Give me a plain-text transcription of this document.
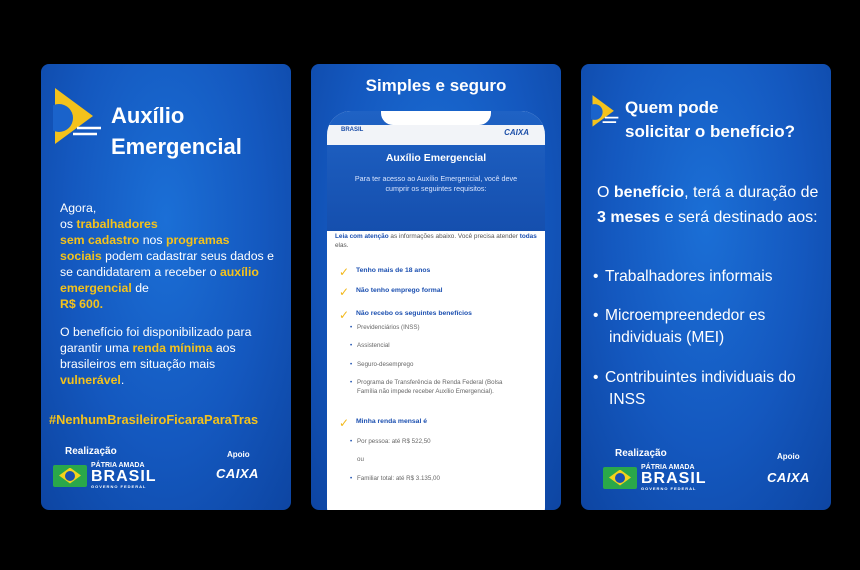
Auxílio
Emergencial

Agora,
os trabalhadores
sem cadastro nos programas
sociais podem cadastrar seus dados e se candidatarem a receber o auxílio emergencial de
R$ 600.

O benefício foi disponibilizado para garantir uma renda mínima aos brasileiros em situação mais vulnerável.

#NenhumBrasileiroFicaraParaTras
Realização
PÁTRIA AMADA
BRASIL
GOVERNO FEDERAL
Apoio
CAIXA
Simples e seguro
BRASIL	CAIXA
Auxílio Emergencial
Para ter acesso ao Auxílio Emergencial, você deve cumprir os seguintes requisitos:
Leia com atenção as informações abaixo. Você precisa atender todas elas.
✓ Tenho mais de 18 anos
✓ Não tenho emprego formal
✓ Não recebo os seguintes benefícios
• Previdenciários (INSS)
• Assistencial
• Seguro-desemprego
• Programa de Transferência de Renda Federal (Bolsa Família não impede receber Auxílio Emergencial).
✓ Minha renda mensal é
• Por pessoa: até R$ 522,50
ou
• Familiar total: até R$ 3.135,00
Quem pode
solicitar o benefício?
O benefício, terá a duração de 3 meses e será destinado aos:
• Trabalhadores informais
• Microempreendedor es individuais (MEI)
• Contribuintes individuais do INSS
Realização
PÁTRIA AMADA
BRASIL
GOVERNO FEDERAL
Apoio
CAIXA
